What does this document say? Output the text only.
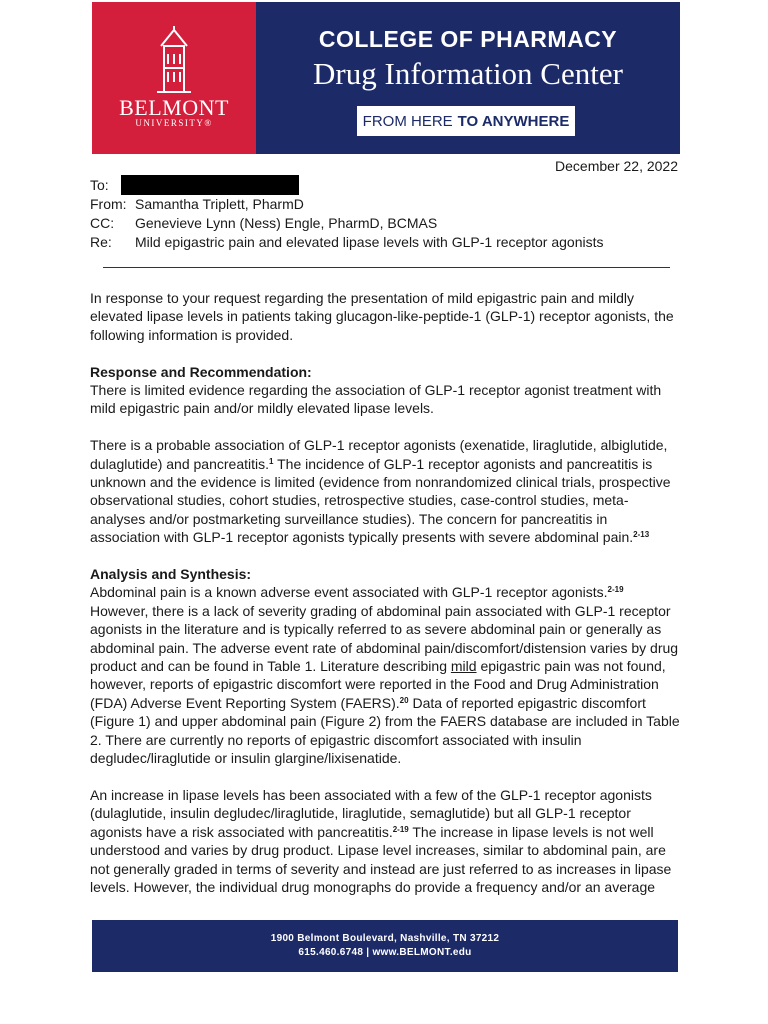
BELMONT
UNIVERSITY®
COLLEGE OF PHARMACY
Drug Information Center
FROM HERE TO ANYWHERE
December 22, 2022
To:
From: Samantha Triplett, PharmD
CC:	Genevieve Lynn (Ness) Engle, PharmD, BCMAS
Re:	Mild epigastric pain and elevated lipase levels with GLP-1 receptor agonists

In response to your request regarding the presentation of mild epigastric pain and mildly elevated lipase levels in patients taking glucagon-like-peptide-1 (GLP-1) receptor agonists, the following information is provided.

Response and Recommendation:

There is limited evidence regarding the association of GLP-1 receptor agonist treatment with mild epigastric pain and/or mildly elevated lipase levels.

There is a probable association of GLP-1 receptor agonists (exenatide, liraglutide, albiglutide, dulaglutide) and pancreatitis.$^1$ The incidence of GLP-1 receptor agonists and pancreatitis is unknown and the evidence is limited (evidence from nonrandomized clinical trials, prospective observational studies, cohort studies, retrospective studies, case-control studies, meta-analyses and/or postmarketing surveillance studies). The concern for pancreatitis in association with GLP-1 receptor agonists typically presents with severe abdominal pain.$^{2-13}$

Analysis and Synthesis:

Abdominal pain is a known adverse event associated with GLP-1 receptor agonists.$^{2-19}$ However, there is a lack of severity grading of abdominal pain associated with GLP-1 receptor agonists in the literature and is typically referred to as severe abdominal pain or generally as abdominal pain. The adverse event rate of abdominal pain/discomfort/distension varies by drug product and can be found in Table 1. Literature describing mild epigastric pain was not found, however, reports of epigastric discomfort were reported in the Food and Drug Administration (FDA) Adverse Event Reporting System (FAERS).$^{20}$ Data of reported epigastric discomfort (Figure 1) and upper abdominal pain (Figure 2) from the FAERS database are included in Table 2. There are currently no reports of epigastric discomfort associated with insulin degludec/liraglutide or insulin glargine/lixisenatide.

An increase in lipase levels has been associated with a few of the GLP-1 receptor agonists (dulaglutide, insulin degludec/liraglutide, liraglutide, semaglutide) but all GLP-1 receptor agonists have a risk associated with pancreatitis.$^{2-19}$ The increase in lipase levels is not well understood and varies by drug product. Lipase level increases, similar to abdominal pain, are not generally graded in terms of severity and instead are just referred to as increases in lipase levels. However, the individual drug monographs do provide a frequency and/or an average

1900 Belmont Boulevard, Nashville, TN 37212
615.460.6748 | www.BELMONT.edu
